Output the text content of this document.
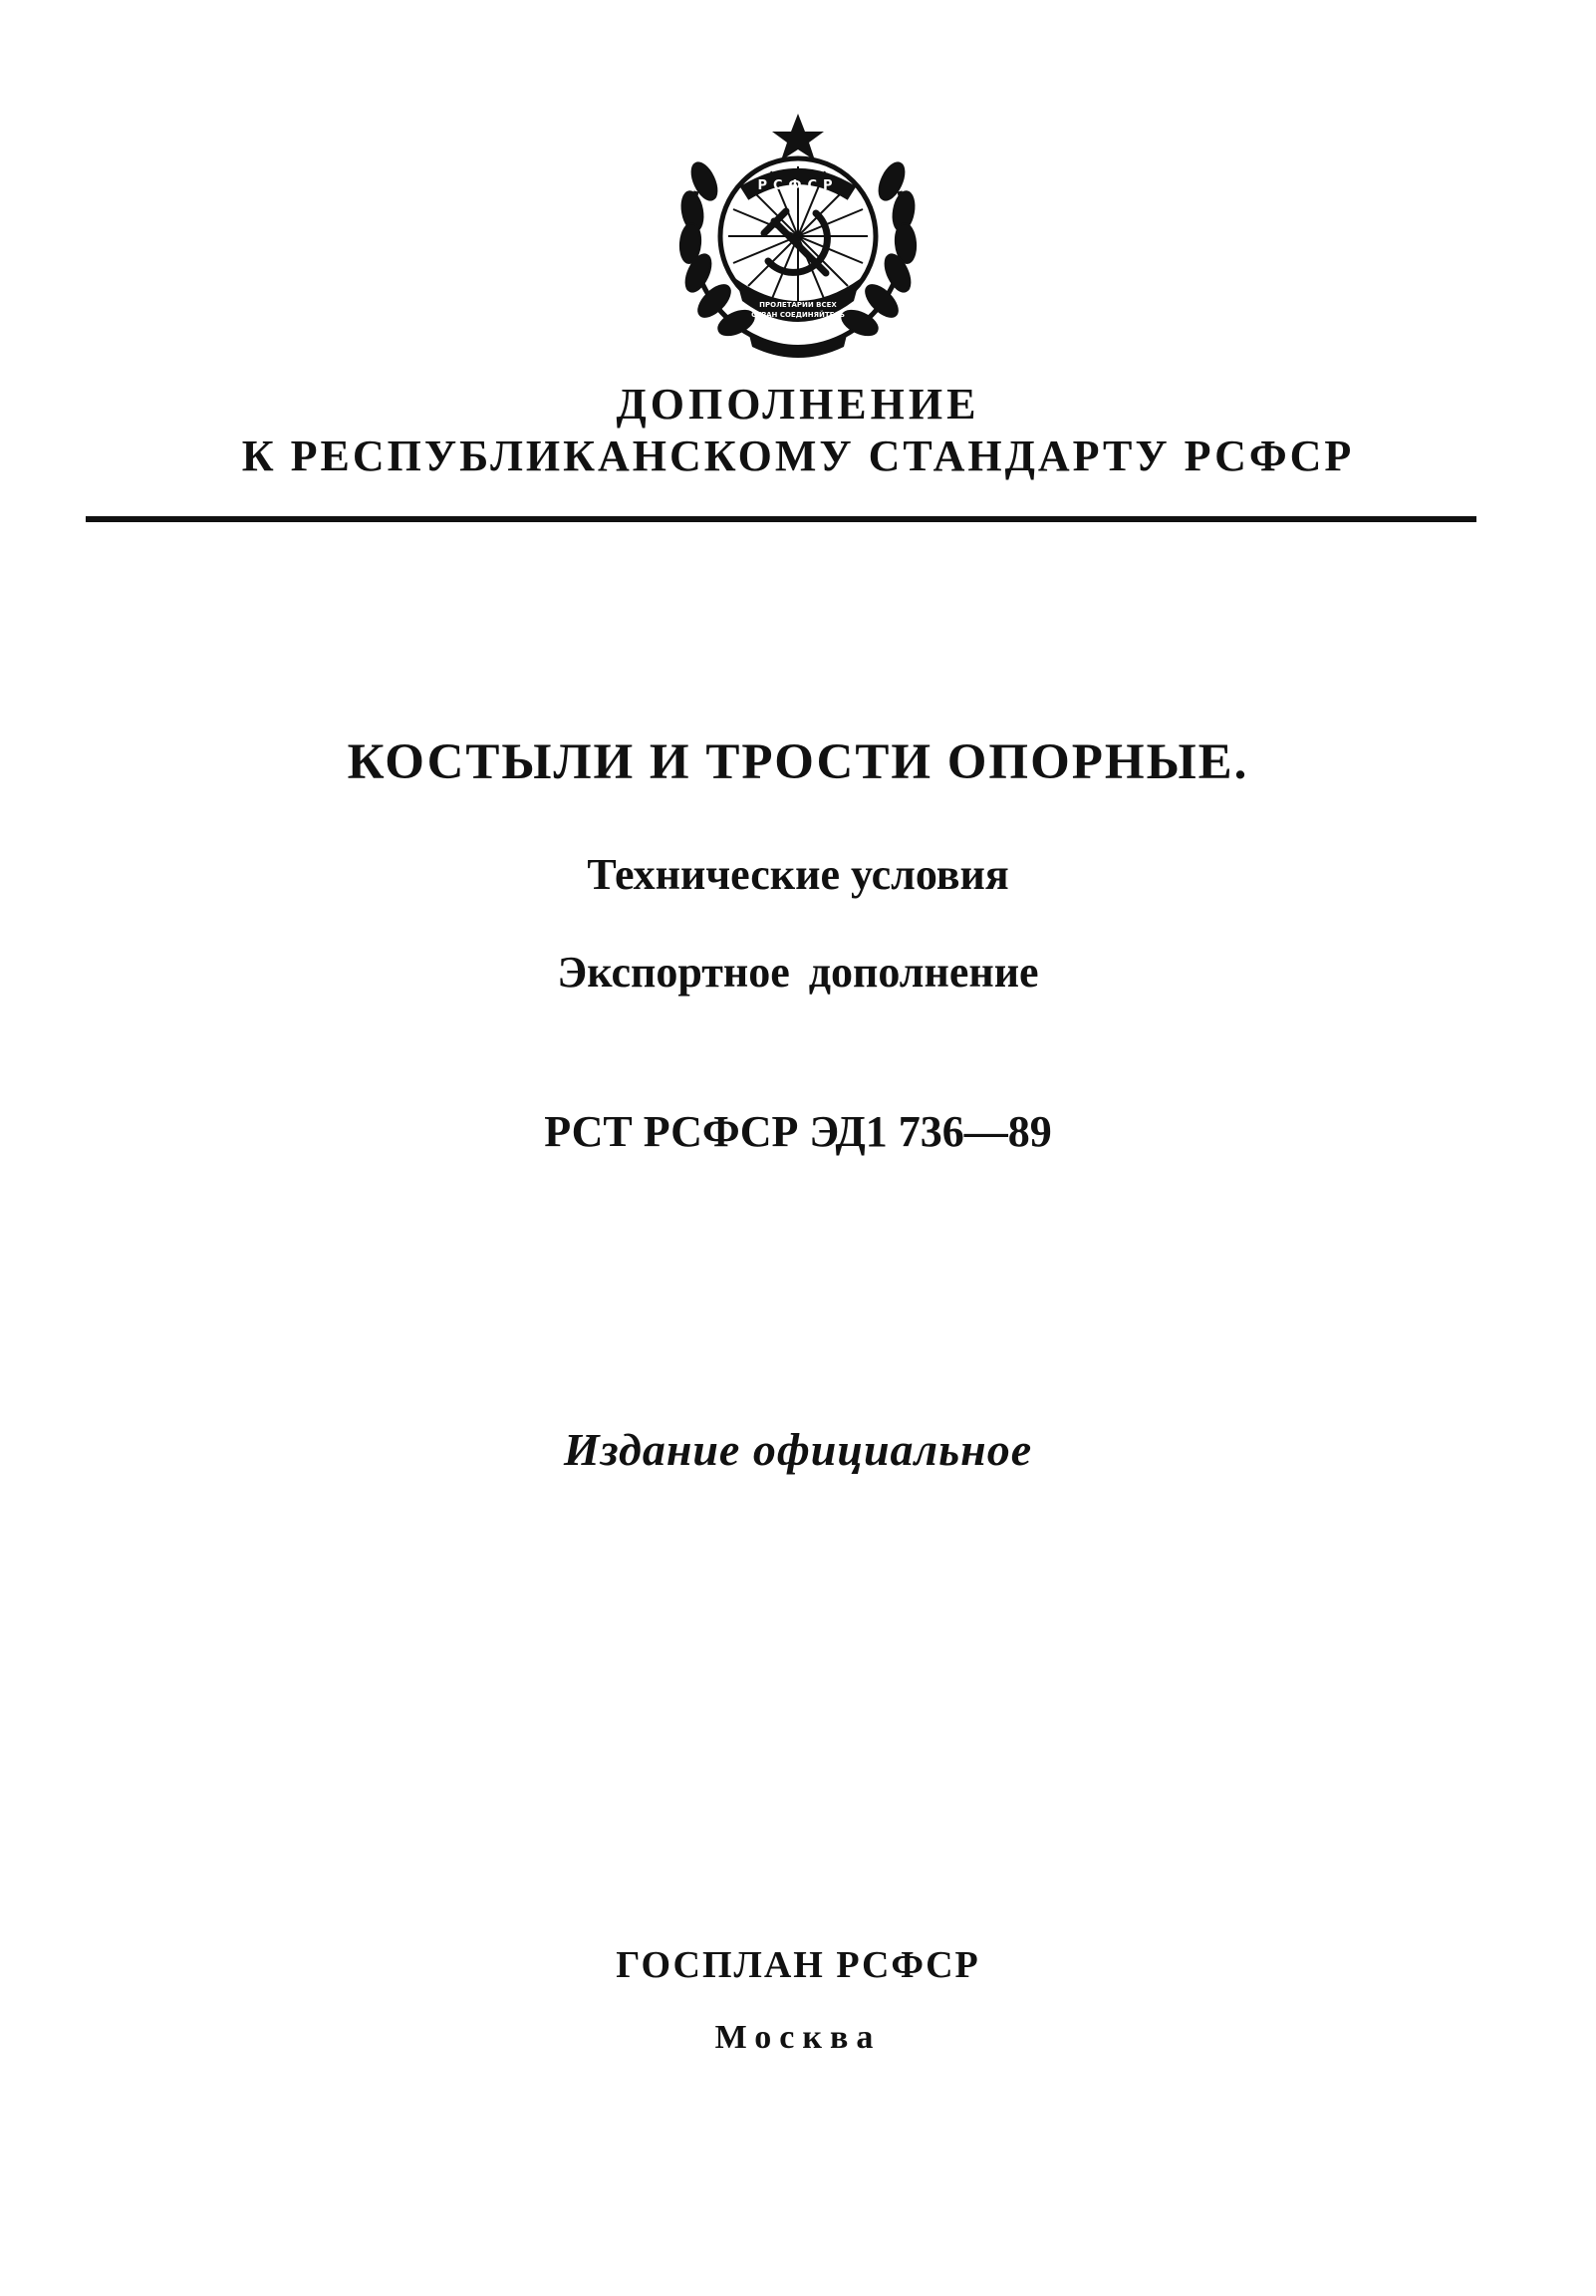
РСФСР
ПРОЛЕТАРИИ ВСЕХ
СТРАН СОЕДИНЯЙТЕСЬ
ДОПОЛНЕНИЕ
К РЕСПУБЛИКАНСКОМУ СТАНДАРТУ РСФСР
КОСТЫЛИ И ТРОСТИ ОПОРНЫЕ.
Технические условия
Экспортное дополнение
РСТ РСФСР ЭД1 736—89
Издание официальное
ГОСПЛАН РСФСР
Москва
